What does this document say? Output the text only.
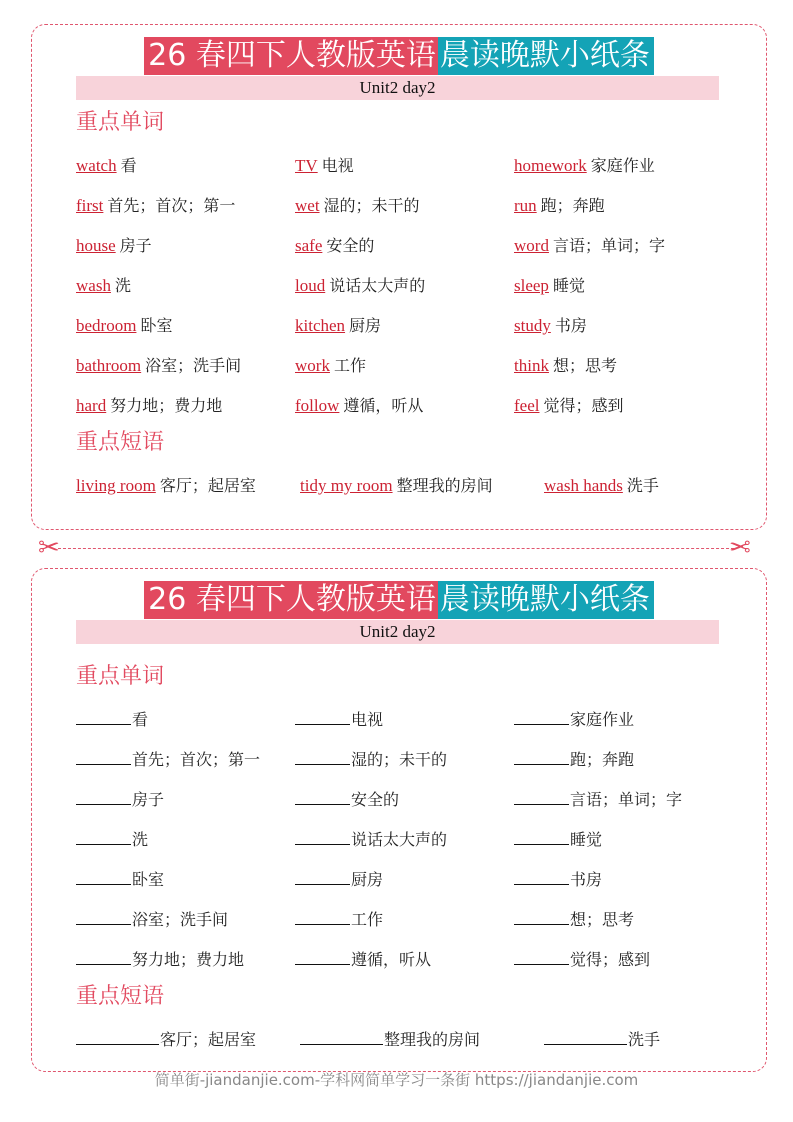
26 春四下人教版英语 晨读晚默小纸条
Unit2 day2
重点单词
watch 看	TV 电视	homework 家庭作业
first 首先；首次；第一	wet 湿的；未干的	run 跑；奔跑
house 房子	safe 安全的	word 言语；单词；字
wash 洗	loud 说话太大声的	sleep 睡觉
bedroom 卧室	kitchen 厨房	study 书房
bathroom 浴室；洗手间	work 工作	think 想；思考
hard 努力地；费力地	follow 遵循，听从	feel 觉得；感到
重点短语
living room 客厅；起居室	tidy my room 整理我的房间	wash hands 洗手
✂	✂
26 春四下人教版英语 晨读晚默小纸条
Unit2 day2
重点单词
看	电视	家庭作业
首先；首次；第一	湿的；未干的	跑；奔跑
房子	安全的	言语；单词；字
洗	说话太大声的	睡觉
卧室	厨房	书房
浴室；洗手间	工作	想；思考
努力地；费力地	遵循，听从	觉得；感到
重点短语
客厅；起居室	整理我的房间	洗手
简单街-jiandanjie.com-学科网简单学习一条街 https://jiandanjie.com
